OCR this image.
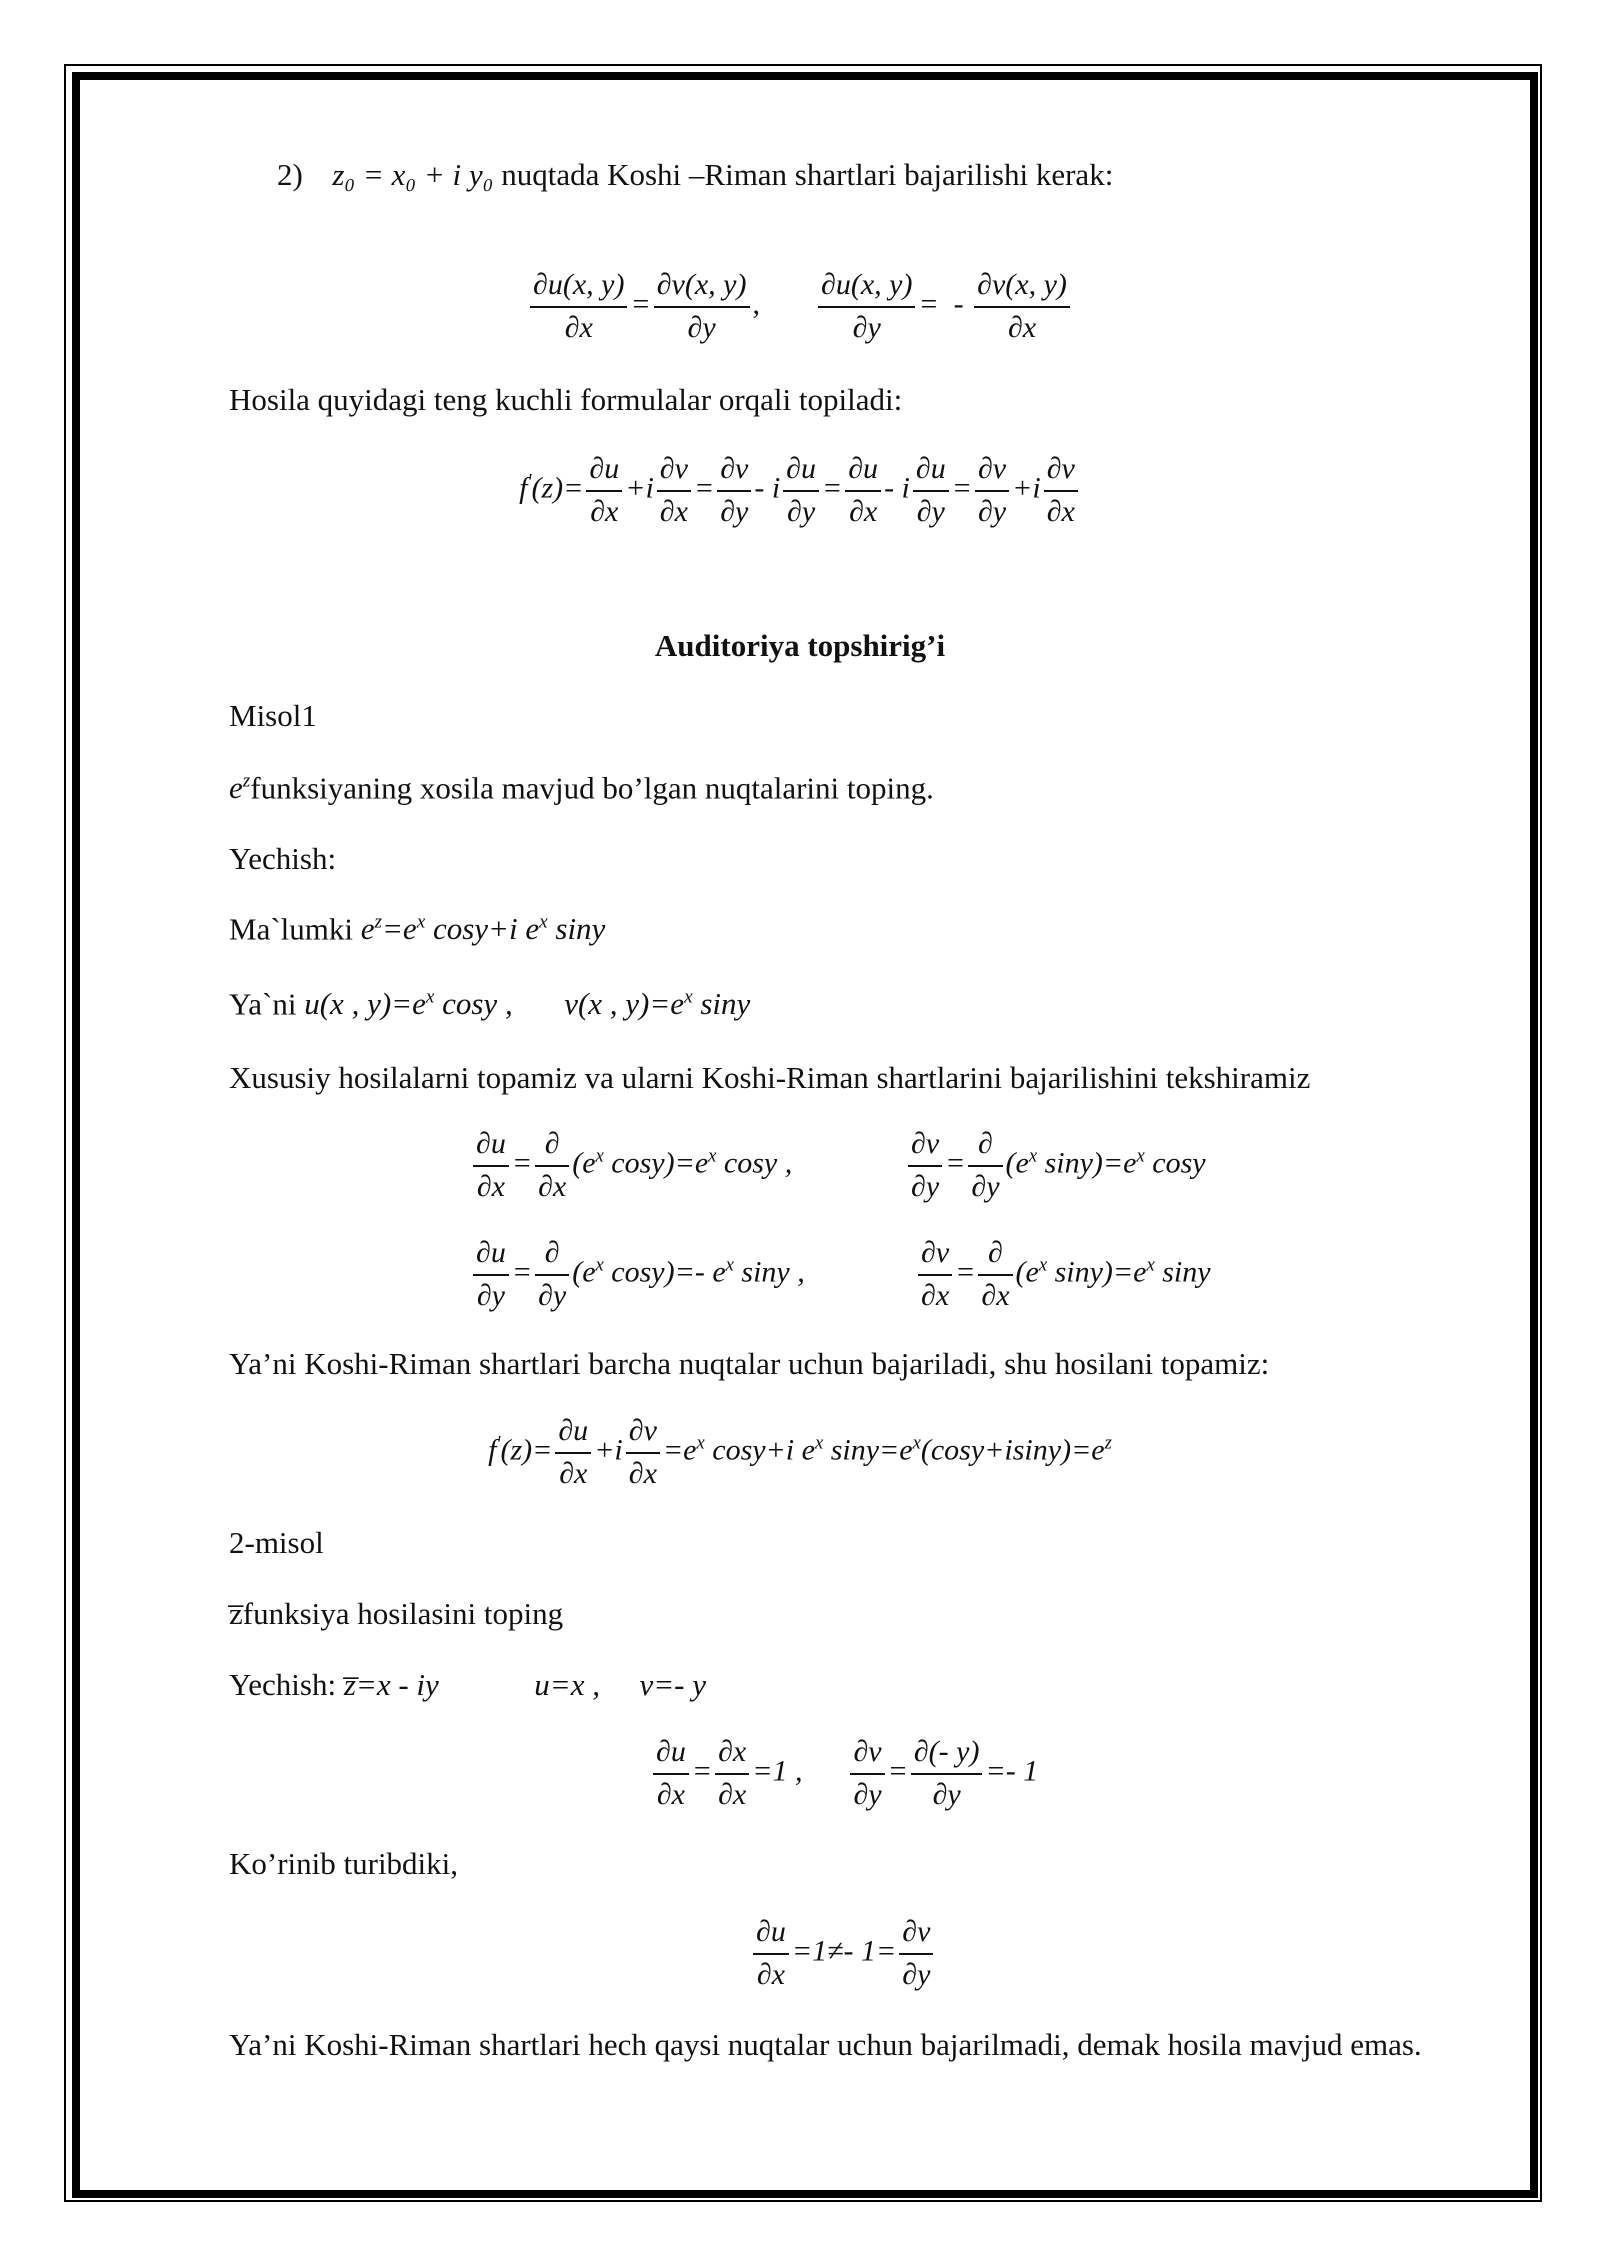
2) z₀ = x₀ + i y₀ nuqtada Koshi –Riman shartlari bajarilishi kerak:
$\frac{\partial u(x, y)}{\partial x} = \frac{\partial v(x, y)}{\partial y}$ , $\frac{\partial u(x, y)}{\partial y}$ =  - $\frac{\partial v(x, y)}{\partial x}$
Hosila quyidagi teng kuchli formulalar orqali topiladi:
$f'(z)= \frac{\partial u}{\partial x} +i \frac{\partial v}{\partial x} = \frac{\partial v}{\partial y} - i \frac{\partial u}{\partial y} = \frac{\partial u}{\partial x} - i \frac{\partial u}{\partial y} = \frac{\partial v}{\partial y} +i \frac{\partial v}{\partial x}$
Auditoriya topshirig’i
Misol1
$e^zfunksiyaning$ xosila mavjud bo’lgan nuqtalarini toping.
Yechish:
Ma`lumki $e^z=e^x$ cosy+i $e^x$ siny
Ya`ni u(x , $y)=e^x$ cosy , v(x , $y)=e^x$ siny
Xususiy hosilalarni topamiz va ularni Koshi-Riman shartlarini bajarilishini tekshiramiz
$\frac{\partial u}{\partial x} = \frac{\partial}{\partial x} (e^x$ $\cos y)=e^x$ cosy ,	$\frac{\partial v}{\partial y} = \frac{\partial}{\partial y} (e^x$ $\sin y)=e^x$ cosy
$\frac{\partial u}{\partial y} = \frac{\partial}{\partial y} (e^x$ cosy)=- $e^x$ siny ,	$\frac{\partial v}{\partial x} = \frac{\partial}{\partial x} (e^x$ $\sin y)=e^x$ siny
Ya’ni Koshi-Riman shartlari barcha nuqtalar uchun bajariladi, shu hosilani topamiz:
$f'(z)= \frac{\partial u}{\partial x} +i \frac{\partial v}{\partial x} =e^x$ cosy+i $e^x$ $\sin y=e^x(\cos y+isiny)=e^z$
2-misol
z̅funksiya hosilasini toping
Yechish: z̅=x - iy	u=x , v=- y
$\frac{\partial u}{\partial x} = \frac{\partial x}{\partial x} =1$ , $\frac{\partial v}{\partial y} = \frac{\partial(- y)}{\partial y} =- 1$
Ko’rinib turibdiki,
$\frac{\partial u}{\partial x} =1\ne-$ $1= \frac{\partial v}{\partial y}$
Ya’ni Koshi-Riman shartlari hech qaysi nuqtalar uchun bajarilmadi, demak hosila mavjud emas.
